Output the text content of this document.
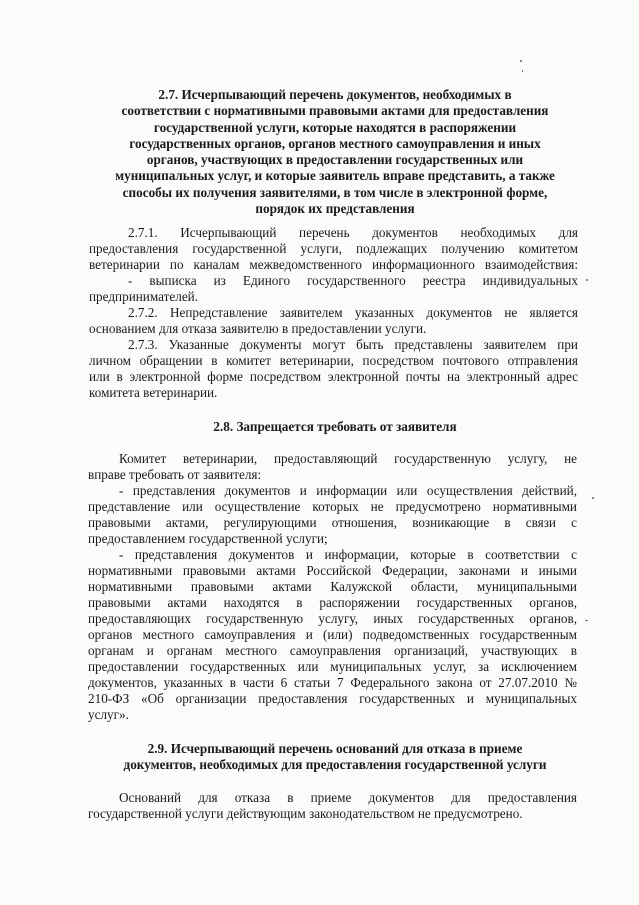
2.7. Исчерпывающий перечень документов, необходимых в
соответствии с нормативными правовыми актами для предоставления
государственной услуги, которые находятся в распоряжении
государственных органов, органов местного самоуправления и иных
органов, участвующих в предоставлении государственных или
муниципальных услуг, и которые заявитель вправе представить, а также
способы их получения заявителями, в том числе в электронной форме,
порядок их представления
2.7.1. Исчерпывающий перечень документов необходимых для
предоставления государственной услуги, подлежащих получению комитетом
ветеринарии по каналам межведомственного информационного взаимодействия:
- выписка из Единого государственного реестра индивидуальных
предпринимателей.
2.7.2. Непредставление заявителем указанных документов не является
основанием для отказа заявителю в предоставлении услуги.
2.7.3. Указанные документы могут быть представлены заявителем при
личном обращении в комитет ветеринарии, посредством почтового отправления
или в электронной форме посредством электронной почты на электронный адрес
комитета ветеринарии.
2.8. Запрещается требовать от заявителя
Комитет ветеринарии, предоставляющий государственную услугу, не
вправе требовать от заявителя:
- представления документов и информации или осуществления действий,
представление или осуществление которых не предусмотрено нормативными
правовыми актами, регулирующими отношения, возникающие в связи с
предоставлением государственной услуги;
- представления документов и информации, которые в соответствии с
нормативными правовыми актами Российской Федерации, законами и иными
нормативными правовыми актами Калужской области, муниципальными
правовыми актами находятся в распоряжении государственных органов,
предоставляющих государственную услугу, иных государственных органов,
органов местного самоуправления и (или) подведомственных государственным
органам и органам местного самоуправления организаций, участвующих в
предоставлении государственных или муниципальных услуг, за исключением
документов, указанных в части 6 статьи 7 Федерального закона от 27.07.2010 №
210-ФЗ «Об организации предоставления государственных и муниципальных
услуг».
2.9. Исчерпывающий перечень оснований для отказа в приеме
документов, необходимых для предоставления государственной услуги
Оснований для отказа в приеме документов для предоставления
государственной услуги действующим законодательством не предусмотрено.
